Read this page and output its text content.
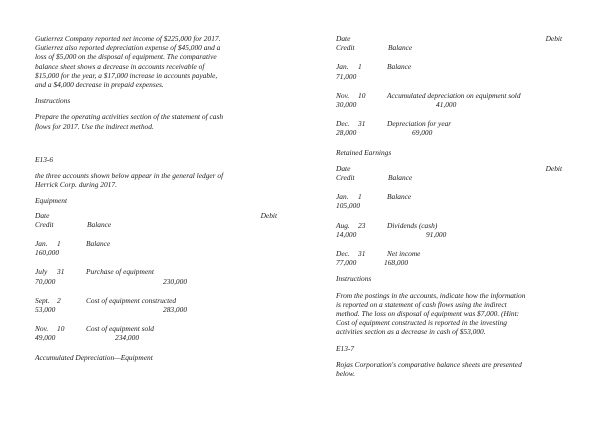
Gutierrez Company reported net income of $225,000 for 2017.

Gutierrez also reported depreciation expense of $45,000 and a

loss of $5,000 on the disposal of equipment. The comparative

balance sheet shows a decrease in accounts receivable of

$15,000 for the year, a $17,000 increase in accounts payable,

and a $4,000 decrease in prepaid expenses.

Instructions

Prepare the operating activities section of the statement of cash

flows for 2017. Use the indirect method.

E13-6

the three accounts shown below appear in the general ledger of

Herrick Corp. during 2017.

Equipment

Date	Debit
Credit	Balance
Jan.	1	Balance
160,000
July	31	Purchase of equipment
70,000	230,000
Sept.	2	Cost of equipment constructed
53,000	283,000
Nov.	10	Cost of equipment sold
49,000	234,000

Accumulated Depreciation—Equipment

Date	Debit
Credit	Balance
Jan.	1	Balance
71,000
Nov.	10	Accumulated depreciation on equipment sold
30,000	41,000
Dec.	31	Depreciation for year
28,000	69,000

Retained Earnings

Date	Debit
Credit	Balance
Jan.	1	Balance
105,000
Aug.	23	Dividends (cash)
14,000	91,000
Dec.	31	Net income
77,000	168,000

Instructions

From the postings in the accounts, indicate how the information

is reported on a statement of cash flows using the indirect

method. The loss on disposal of equipment was $7,000. (Hint:

Cost of equipment constructed is reported in the investing

activities section as a decrease in cash of $53,000.

E13-7

Rojas Corporation's comparative balance sheets are presented

below.
